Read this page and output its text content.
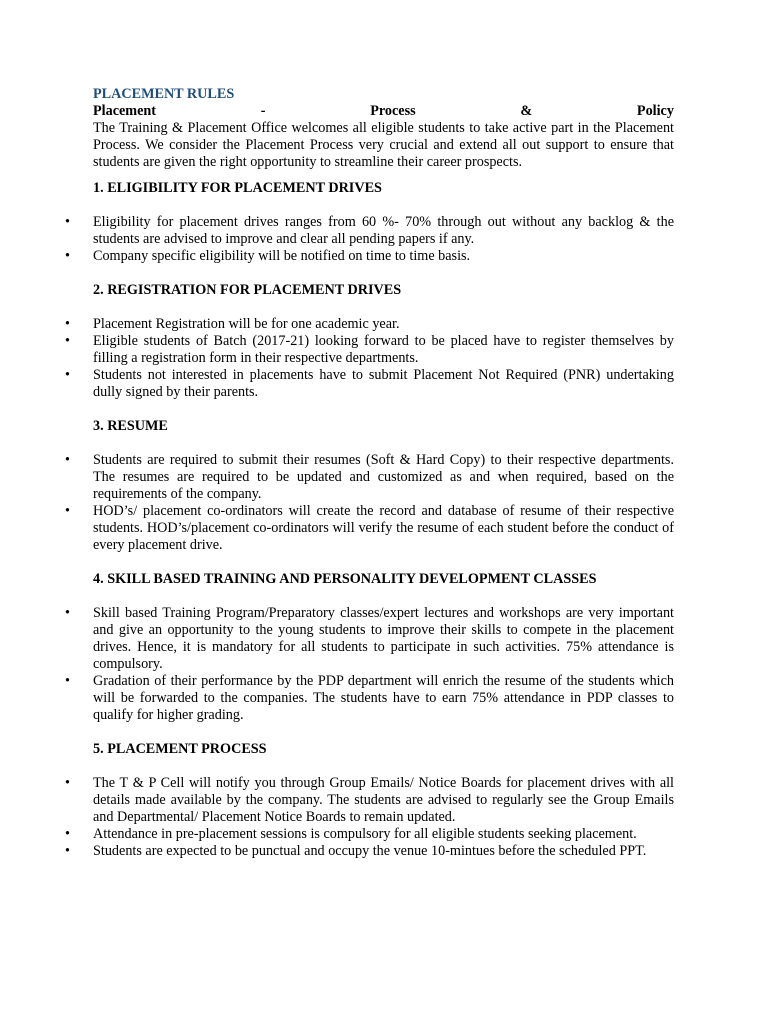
PLACEMENT RULES

Placement	-	Process	&	Policy

The Training & Placement Office welcomes all eligible students to take active part in the Placement Process. We consider the Placement Process very crucial and extend all out support to ensure that students are given the right opportunity to streamline their career prospects.

1. ELIGIBILITY FOR PLACEMENT DRIVES

• Eligibility for placement drives ranges from 60 %- 70% through out without any backlog & the students are advised to improve and clear all pending papers if any.
• Company specific eligibility will be notified on time to time basis.

2. REGISTRATION FOR PLACEMENT DRIVES

• Placement Registration will be for one academic year.
• Eligible students of Batch (2017-21) looking forward to be placed have to register themselves by filling a registration form in their respective departments.
• Students not interested in placements have to submit Placement Not Required (PNR) undertaking dully signed by their parents.

3. RESUME

• Students are required to submit their resumes (Soft & Hard Copy) to their respective departments. The resumes are required to be updated and customized as and when required, based on the requirements of the company.
• HOD’s/ placement co-ordinators will create the record and database of resume of their respective students. HOD’s/placement co-ordinators will verify the resume of each student before the conduct of every placement drive.

4. SKILL BASED TRAINING AND PERSONALITY DEVELOPMENT CLASSES

• Skill based Training Program/Preparatory classes/expert lectures and workshops are very important and give an opportunity to the young students to improve their skills to compete in the placement drives. Hence, it is mandatory for all students to participate in such activities. 75% attendance is compulsory.
• Gradation of their performance by the PDP department will enrich the resume of the students which will be forwarded to the companies. The students have to earn 75% attendance in PDP classes to qualify for higher grading.

5. PLACEMENT PROCESS

• The T & P Cell will notify you through Group Emails/ Notice Boards for placement drives with all details made available by the company. The students are advised to regularly see the Group Emails and Departmental/ Placement Notice Boards to remain updated.
• Attendance in pre-placement sessions is compulsory for all eligible students seeking placement.
• Students are expected to be punctual and occupy the venue 10-mintues before the scheduled PPT.
